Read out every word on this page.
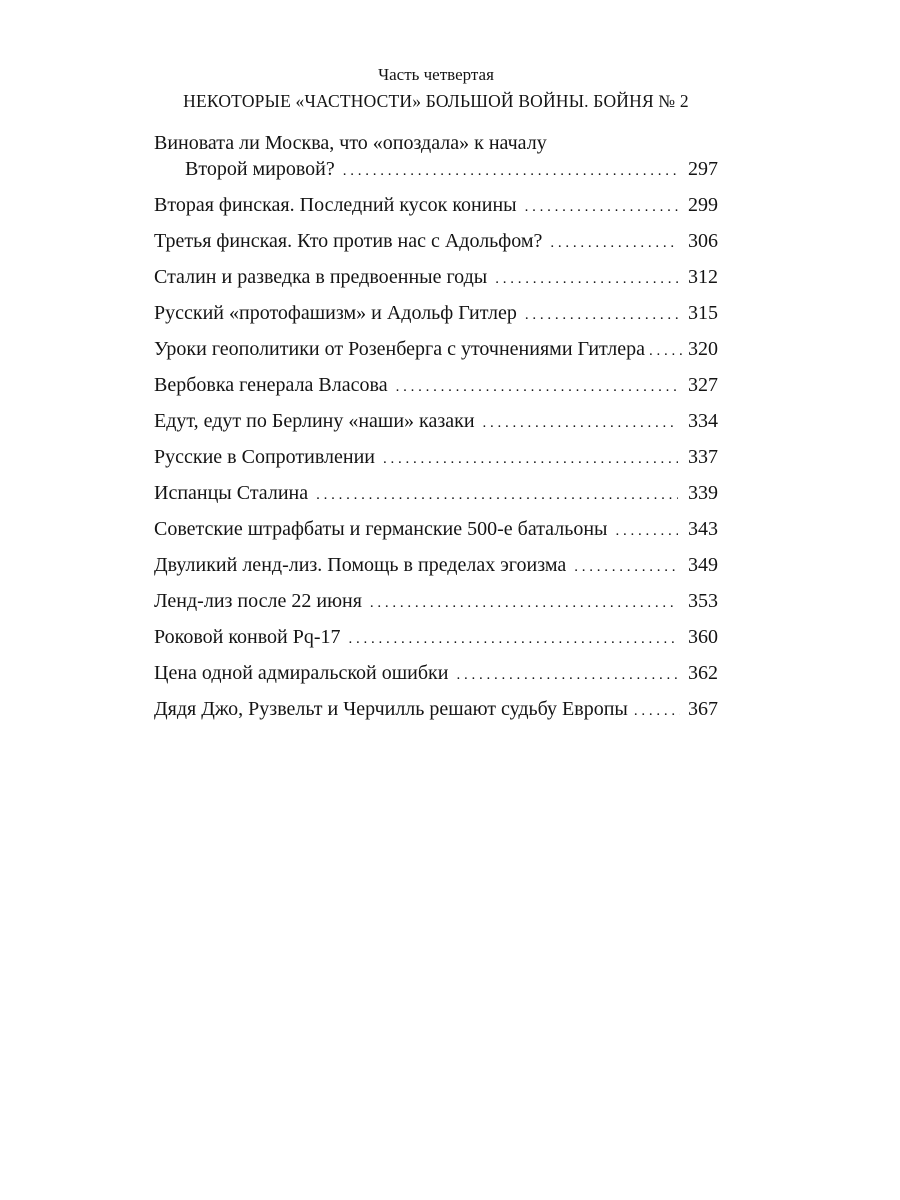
Часть четвертая
НЕКОТОРЫЕ «ЧАСТНОСТИ» БОЛЬШОЙ ВОЙНЫ. БОЙНЯ № 2
Виновата ли Москва, что «опоздала» к началу
Второй мировой? . . .	297
Вторая финская. Последний кусок конины . . .	299
Третья финская. Кто против нас с Адольфом? . . .	306
Сталин и разведка в предвоенные годы . . .	312
Русский «протофашизм» и Адольф Гитлер . . .	315
Уроки геополитики от Розенберга с уточнениями Гитлера . . . 320
Вербовка генерала Власова . . .	327
Едут, едут по Берлину «наши» казаки . . .	334
Русские в Сопротивлении . . .	337
Испанцы Сталина . . .	339
Советские штрафбаты и германские 500-е батальоны . . .	343
Двуликий ленд-лиз. Помощь в пределах эгоизма . . .	349
Ленд-лиз после 22 июня . . .	353
Роковой конвой Pq-17 . . .	360
Цена одной адмиральской ошибки . . .	362
Дядя Джо, Рузвельт и Черчилль решают судьбу Европы . . .	367
